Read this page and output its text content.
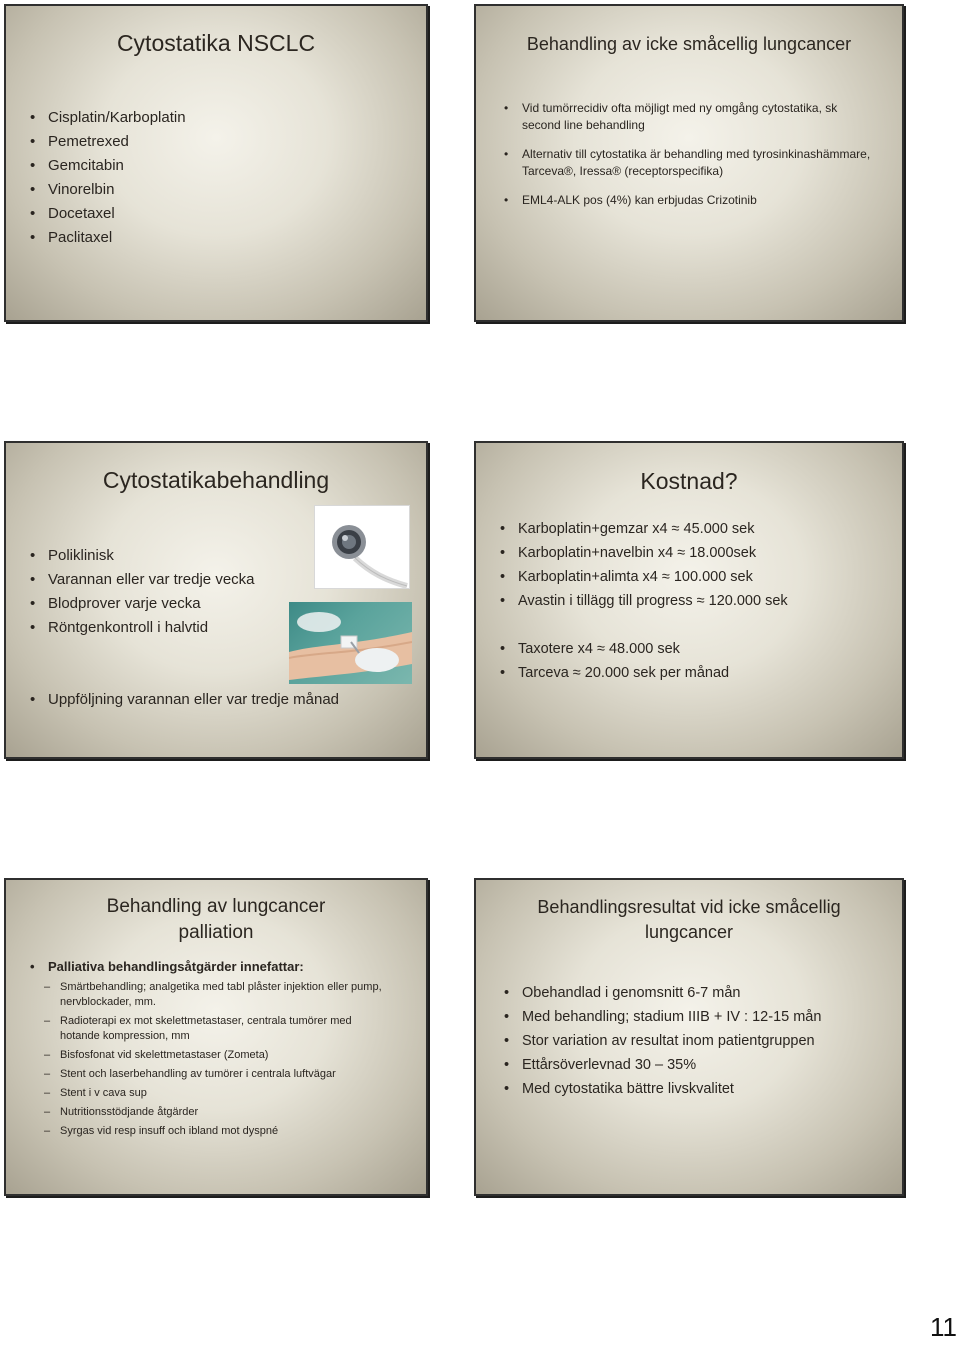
Cytostatika NSCLC
• Cisplatin/Karboplatin
• Pemetrexed
• Gemcitabin
• Vinorelbin
• Docetaxel
• Paclitaxel
Behandling av icke småcellig lungcancer
• Vid tumörrecidiv ofta möjligt med ny omgång cytostatika, sk second line behandling
• Alternativ till cytostatika är behandling med tyrosinkinashämmare, Tarceva®, Iressa® (receptorspecifika)
• EML4-ALK pos (4%) kan erbjudas Crizotinib
Cytostatikabehandling
• Poliklinisk
• Varannan eller var tredje vecka
• Blodprover varje vecka
• Röntgenkontroll i halvtid
• Uppföljning varannan eller var tredje månad
Kostnad?
• Karboplatin+gemzar x4 ≈ 45.000 sek
• Karboplatin+navelbin x4 ≈ 18.000sek
• Karboplatin+alimta x4 ≈ 100.000 sek
• Avastin i tillägg till progress ≈ 120.000 sek
• Taxotere x4 ≈ 48.000 sek
• Tarceva ≈ 20.000 sek per månad
Behandling av lungcancer
palliation
• Palliativa behandlingsåtgärder innefattar:
– Smärtbehandling; analgetika med tabl plåster injektion eller pump, nervblockader, mm.
– Radioterapi ex mot skelettmetastaser, centrala tumörer med hotande kompression, mm
– Bisfosfonat vid skelettmetastaser (Zometa)
– Stent och laserbehandling av tumörer i centrala luftvägar
– Stent i v cava sup
– Nutritionsstödjande åtgärder
– Syrgas vid resp insuff och ibland mot dyspné
Behandlingsresultat vid icke småcellig
lungcancer
• Obehandlad i genomsnitt 6-7 mån
• Med behandling; stadium IIIB + IV : 12-15 mån
• Stor variation av resultat inom patientgruppen
• Ettårsöverlevnad 30 – 35%
• Med cytostatika bättre livskvalitet
11
